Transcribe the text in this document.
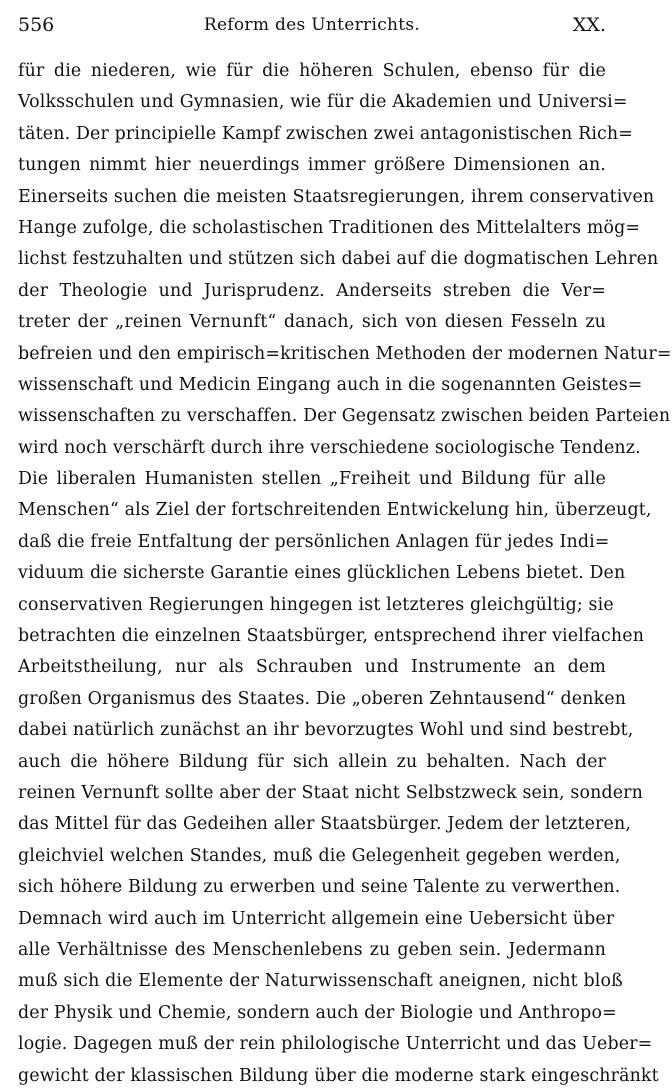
556	Reform des Unterrichts.	XX.
für die niederen, wie für die höheren Schulen, ebenso für die
Volksschulen und Gymnasien, wie für die Akademien und Universi=
täten. Der principielle Kampf zwischen zwei antagonistischen Rich=
tungen nimmt hier neuerdings immer größere Dimensionen an.
Einerseits suchen die meisten Staatsregierungen, ihrem conservativen
Hange zufolge, die scholastischen Traditionen des Mittelalters mög=
lichst festzuhalten und stützen sich dabei auf die dogmatischen Lehren
der Theologie und Jurisprudenz. Anderseits streben die Ver=
treter der „reinen Vernunft“ danach, sich von diesen Fesseln zu
befreien und den empirisch=kritischen Methoden der modernen Natur=
wissenschaft und Medicin Eingang auch in die sogenannten Geistes=
wissenschaften zu verschaffen. Der Gegensatz zwischen beiden Parteien
wird noch verschärft durch ihre verschiedene sociologische Tendenz.
Die liberalen Humanisten stellen „Freiheit und Bildung für alle
Menschen“ als Ziel der fortschreitenden Entwickelung hin, überzeugt,
daß die freie Entfaltung der persönlichen Anlagen für jedes Indi=
viduum die sicherste Garantie eines glücklichen Lebens bietet. Den
conservativen Regierungen hingegen ist letzteres gleichgültig; sie
betrachten die einzelnen Staatsbürger, entsprechend ihrer vielfachen
Arbeitstheilung, nur als Schrauben und Instrumente an dem
großen Organismus des Staates. Die „oberen Zehntausend“ denken
dabei natürlich zunächst an ihr bevorzugtes Wohl und sind bestrebt,
auch die höhere Bildung für sich allein zu behalten. Nach der
reinen Vernunft sollte aber der Staat nicht Selbstzweck sein, sondern
das Mittel für das Gedeihen aller Staatsbürger. Jedem der letzteren,
gleichviel welchen Standes, muß die Gelegenheit gegeben werden,
sich höhere Bildung zu erwerben und seine Talente zu verwerthen.
Demnach wird auch im Unterricht allgemein eine Uebersicht über
alle Verhältnisse des Menschenlebens zu geben sein. Jedermann
muß sich die Elemente der Naturwissenschaft aneignen, nicht bloß
der Physik und Chemie, sondern auch der Biologie und Anthropo=
logie. Dagegen muß der rein philologische Unterricht und das Ueber=
gewicht der klassischen Bildung über die moderne stark eingeschränkt
